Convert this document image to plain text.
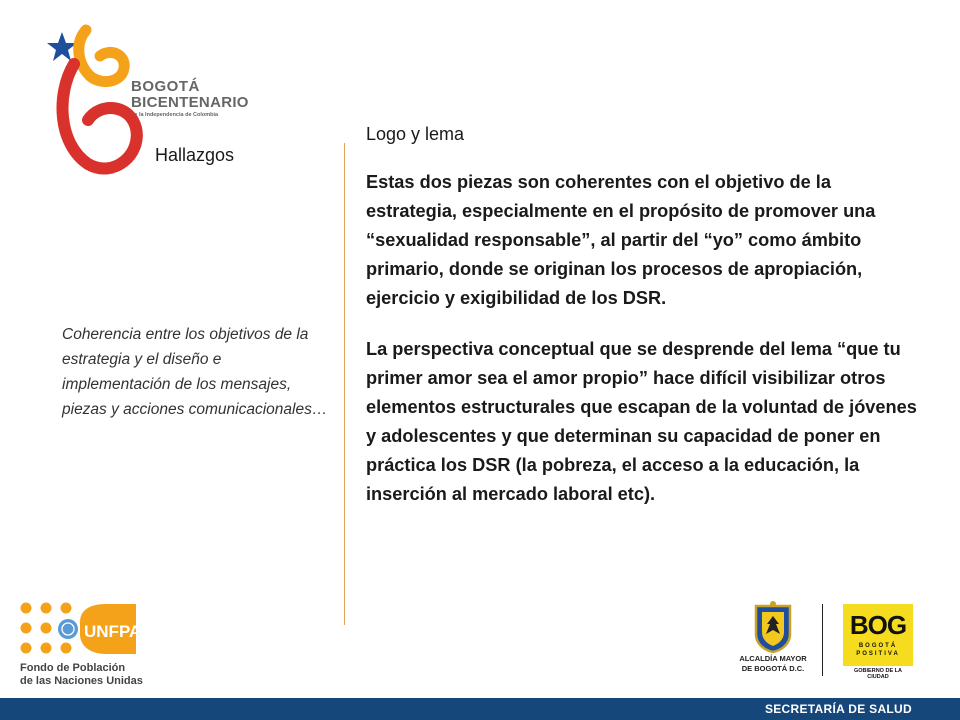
BOGOTÁ
BICENTENARIO
de la Independencia de Colombia
Hallazgos
Coherencia entre los objetivos de la estrategia y el diseño e implementación de los mensajes, piezas y acciones comunicacionales…
Logo y lema

Estas dos piezas son coherentes con el objetivo de la estrategia, especialmente en el propósito de promover una “sexualidad responsable”, al partir del “yo” como ámbito primario, donde se originan los procesos de apropiación, ejercicio y exigibilidad de los DSR.

La perspectiva conceptual que se desprende del lema “que tu primer amor sea el amor propio” hace difícil visibilizar otros elementos estructurales que escapan de la voluntad de jóvenes y adolescentes y que determinan su capacidad de poner en práctica los DSR (la pobreza, el acceso a la educación, la inserción al mercado laboral etc).

UNFPA
Fondo de Población
de las Naciones Unidas
ALCALDÍA MAYOR
DE BOGOTÁ D.C.
BOG
BOGOTÁ
POSITIVA
GOBIERNO DE LA CIUDAD
SECRETARÍA DE SALUD
